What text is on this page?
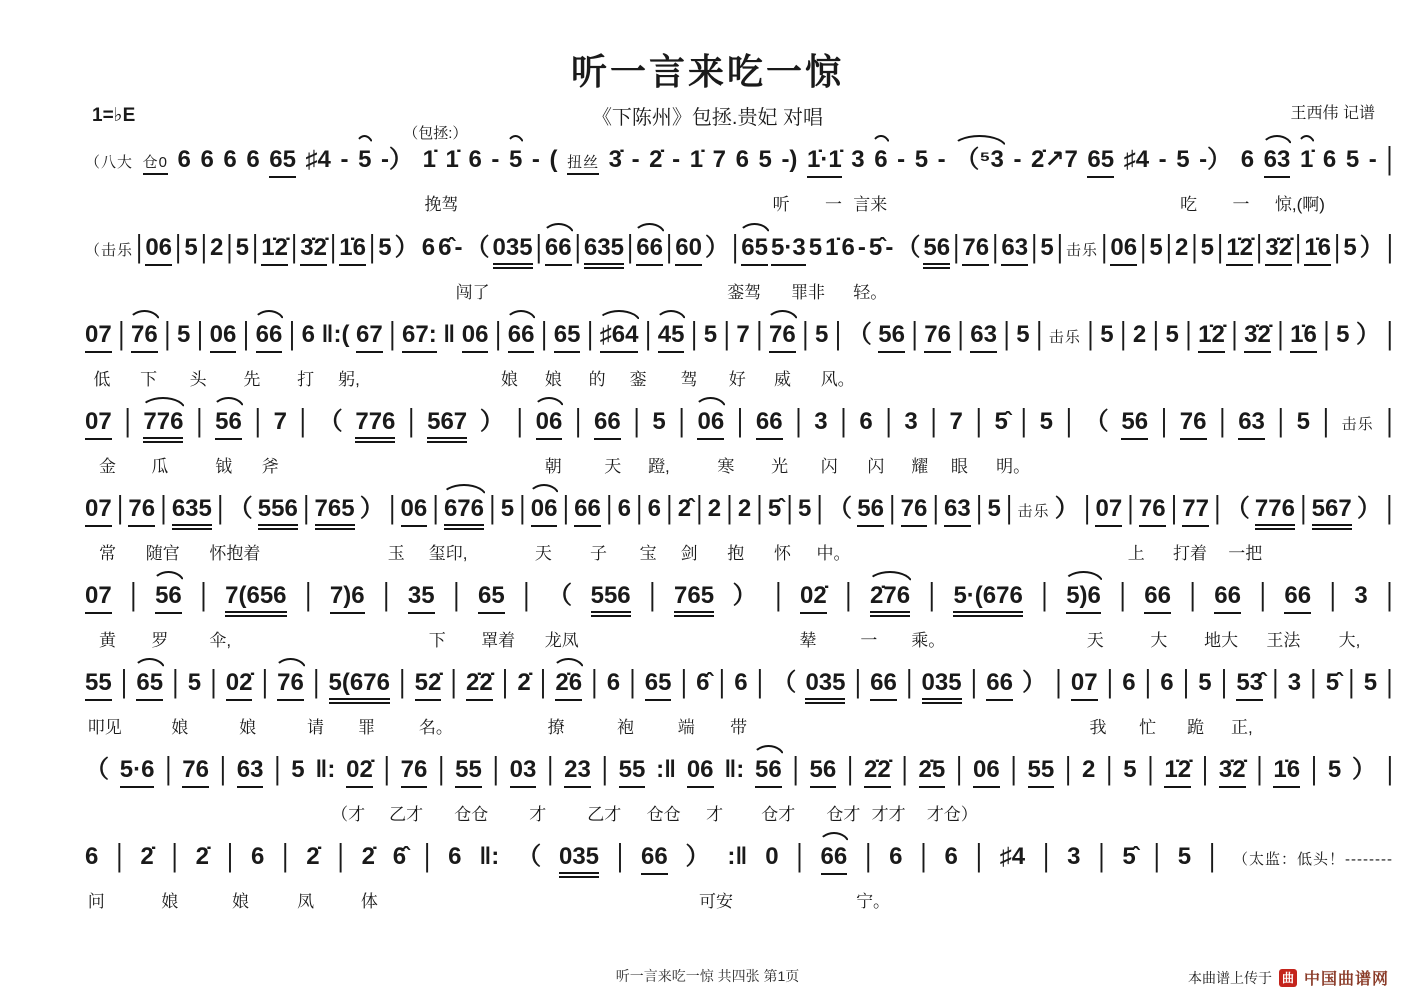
1=♭E
听一言来吃一惊
《下陈州》包拯.贵妃 对唱	王西伟 记谱
（八大 仓0 6 6 6 6 65 ♯4 - 5 -） 1̇ 1̇ 6 - 5 - ( 扭丝 3̇ - 2̇ - 1̇ 7 6 5 -) 1̇·1̇ 3 6 - 5 - （⁵3 - 2̇↗7 65 ♯4 - 5 -） 6 63 1̇ 6 5 - |
挽驾	听 一 言来	吃 一 惊,(啊)
（包拯:）
（击乐 | 06 | 5 | 2 | 5 | 1̇2̇ | 3̇2̇ | 1̇6 | 5 ） 6 6̂ - （ 035 | 66 | 635 | 66 | 60 ） | 65 5·3 5 1̇ 6 - 5̂ - （ 56 | 76 | 63 | 5 | 击乐 | 06 | 5 | 2 | 5 | 1̇2̇ | 3̇2̇ | 1̇6 | 5 ） |
闯了	銮驾 罪非 轻。
07 | 76 | 5 | 06 | 66 | 6 ‖:( 67 | 67: ‖ 06 | 66 | 65 | ♯64 | 45 | 5 | 7 | 76 | 5 | （ 56 | 76 | 63 | 5 | 击乐 | 5 | 2 | 5 | 1̇2̇ | 3̇2̇ | 1̇6 | 5 ） |
低 下 头 先 打 躬,	娘 娘 的 銮 驾 好 威 风。
07 | 776 | 56 | 7 | （ 776 | 567 ） | 06 | 66 | 5 | 06 | 66 | 3 | 6 | 3 | 7 | 5̂ | 5 | （ 56 | 76 | 63 | 5 | 击乐 |
金 瓜	钺 斧	朝 天 蹬,	寒 光 闪 闪 耀 眼 明。
07 | 76 | 635 | （ 556 | 765 ） | 06 | 676 | 5 | 06 | 66 | 6 | 6 | 2̂ | 2 | 2 | 5̂ | 5 | （ 56 | 76 | 63 | 5 | 击乐 ） | 07 | 76 | 77 | （ 776 | 567 ） |
常 随官 怀抱着	玉 玺印,	天 子 宝 剑 抱 怀 中。	上 打着 一把
07 | 56 | 7(656 | 7)6 | 35 | 65 | （ 556 | 765 ） | 02̇ | 2̇76 | 5·(676 | 5)6 | 66 | 66 | 66 | 3 |
黄 罗 伞,	下 罩着 龙凤	辇	一 乘。	天	大 地大 王法 大,
55 | 65 | 5 | 02̇ | 76 | 5(676 | 52̇ | 2̇2̇ | 2̇ | 2̇6 | 6 | 65 | 6̂ | 6 | （ 035 | 66 | 035 | 66 ） | 07 | 6 | 6 | 5 | 53̂ | 3 | 5̂ | 5 |
叩见	娘	娘	请 罪	名。	撩	袍	端 带	我 忙 跪 正,
（ 5·6 | 76 | 63 | 5 ‖: 02̇ | 76 | 55 | 03 | 23 | 55 :‖ 06 ‖: 56 | 56 | 2̇2̇ | 2̇5 | 06 | 55 | 2 | 5 | 1̇2̇ | 3̇2̇ | 1̇6 | 5 ） |
（才 乙才 仓仓 才 乙才 仓仓 才 仓才 仓才 才才 才仓）
6 | 2̇ | 2̇ | 6 | 2̇ | 2̇ 6̂ | 6 ‖: （ 035 | 66 ） :‖ 0 | 66 | 6 | 6 | ♯4 | 3 | 5̂ | 5 | （太监：低头！--------
问	娘	娘	凤	体	可安	宁。
听一言来吃一惊 共四张 第1页	本曲谱上传于 曲 中国曲谱网
